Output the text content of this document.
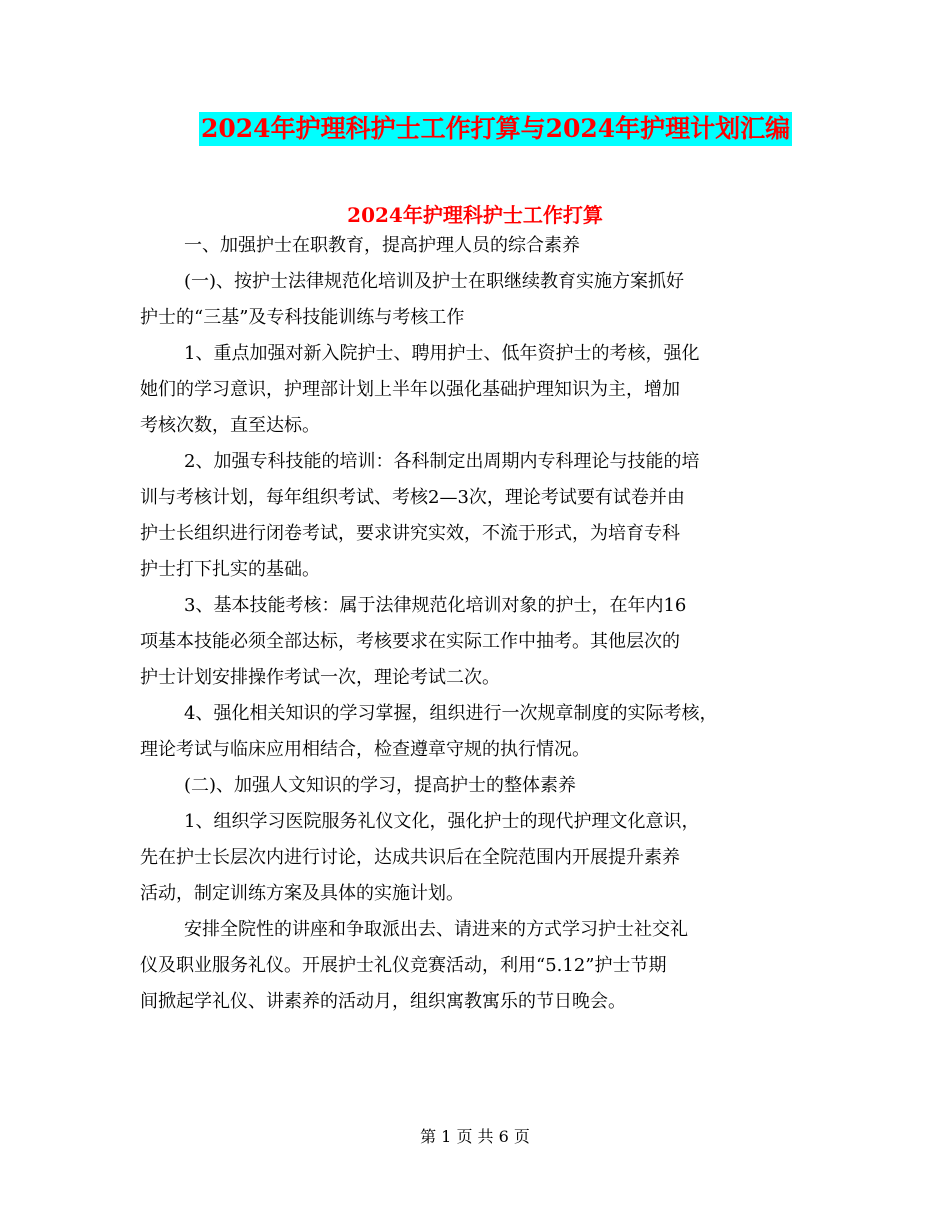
2024年护理科护士工作打算与2024年护理计划汇编
2024年护理科护士工作打算
一、加强护士在职教育，提高护理人员的综合素养
(一)、按护士法律规范化培训及护士在职继续教育实施方案抓好
护士的“三基”及专科技能训练与考核工作
1、重点加强对新入院护士、聘用护士、低年资护士的考核，强化
她们的学习意识，护理部计划上半年以强化基础护理知识为主，增加
考核次数，直至达标。
2、加强专科技能的培训：各科制定出周期内专科理论与技能的培
训与考核计划，每年组织考试、考核2—3次，理论考试要有试卷并由
护士长组织进行闭卷考试，要求讲究实效，不流于形式，为培育专科
护士打下扎实的基础。
3、基本技能考核：属于法律规范化培训对象的护士，在年内16
项基本技能必须全部达标，考核要求在实际工作中抽考。其他层次的
护士计划安排操作考试一次，理论考试二次。
4、强化相关知识的学习掌握，组织进行一次规章制度的实际考核，
理论考试与临床应用相结合，检查遵章守规的执行情况。
(二)、加强人文知识的学习，提高护士的整体素养
1、组织学习医院服务礼仪文化，强化护士的现代护理文化意识，
先在护士长层次内进行讨论，达成共识后在全院范围内开展提升素养
活动，制定训练方案及具体的实施计划。
安排全院性的讲座和争取派出去、请进来的方式学习护士社交礼
仪及职业服务礼仪。开展护士礼仪竞赛活动，利用“5.12”护士节期
间掀起学礼仪、讲素养的活动月，组织寓教寓乐的节日晚会。
第 1 页 共 6 页
